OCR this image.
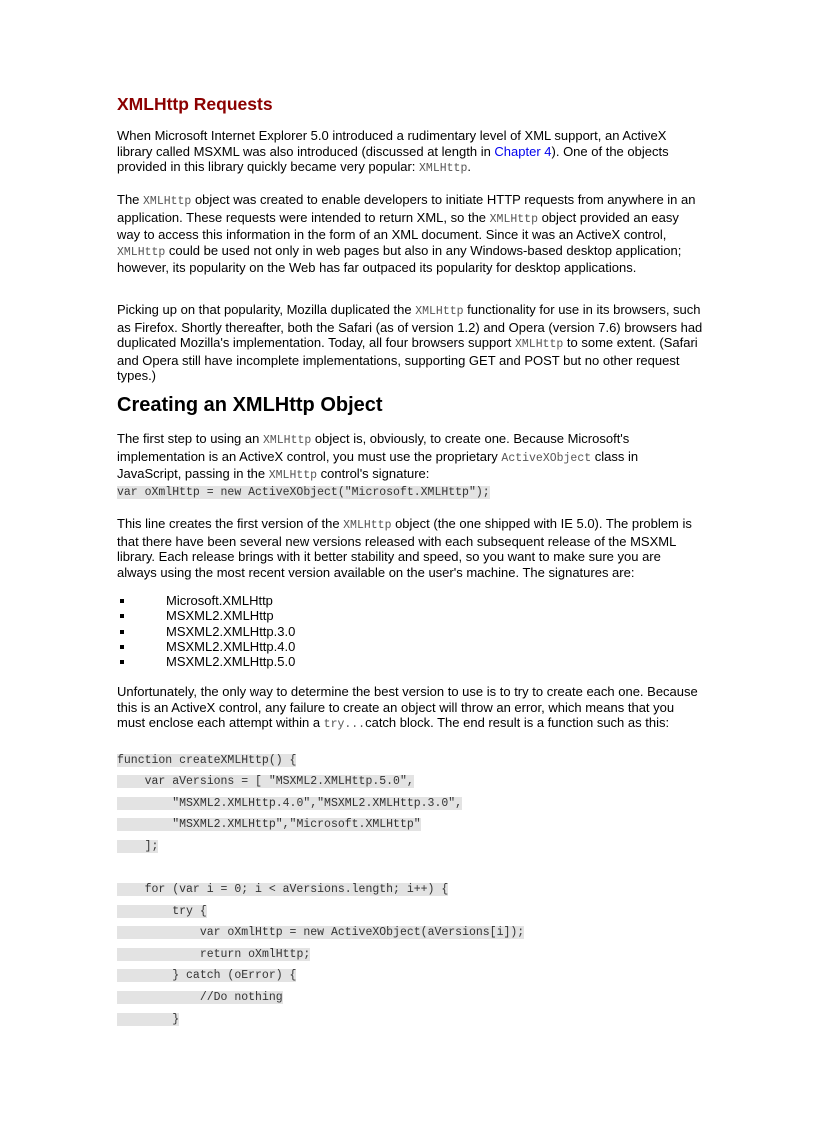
XMLHttp Requests

When Microsoft Internet Explorer 5.0 introduced a rudimentary level of XML support, an ActiveX library called MSXML was also introduced (discussed at length in Chapter 4). One of the objects provided in this library quickly became very popular: XMLHttp.

The XMLHttp object was created to enable developers to initiate HTTP requests from anywhere in an application. These requests were intended to return XML, so the XMLHttp object provided an easy way to access this information in the form of an XML document. Since it was an ActiveX control, XMLHttp could be used not only in web pages but also in any Windows-based desktop application; however, its popularity on the Web has far outpaced its popularity for desktop applications.

Picking up on that popularity, Mozilla duplicated the XMLHttp functionality for use in its browsers, such as Firefox. Shortly thereafter, both the Safari (as of version 1.2) and Opera (version 7.6) browsers had duplicated Mozilla's implementation. Today, all four browsers support XMLHttp to some extent. (Safari and Opera still have incomplete implementations, supporting GET and POST but no other request types.)

Creating an XMLHttp Object

The first step to using an XMLHttp object is, obviously, to create one. Because Microsoft's implementation is an ActiveX control, you must use the proprietary ActiveXObject class in JavaScript, passing in the XMLHttp control's signature:

var oXmlHttp = new ActiveXObject("Microsoft.XMLHttp");

This line creates the first version of the XMLHttp object (the one shipped with IE 5.0). The problem is that there have been several new versions released with each subsequent release of the MSXML library. Each release brings with it better stability and speed, so you want to make sure you are always using the most recent version available on the user's machine. The signatures are:

Microsoft.XMLHttp
MSXML2.XMLHttp
MSXML2.XMLHttp.3.0
MSXML2.XMLHttp.4.0
MSXML2.XMLHttp.5.0

Unfortunately, the only way to determine the best version to use is to try to create each one. Because this is an ActiveX control, any failure to create an object will throw an error, which means that you must enclose each attempt within a try...catch block. The end result is a function such as this:

function createXMLHttp() {
var aVersions = [ "MSXML2.XMLHttp.5.0",
"MSXML2.XMLHttp.4.0","MSXML2.XMLHttp.3.0",
"MSXML2.XMLHttp","Microsoft.XMLHttp"
];
for (var i = 0; i < aVersions.length; i++) {
try {
var oXmlHttp = new ActiveXObject(aVersions[i]);
return oXmlHttp;
} catch (oError) {
//Do nothing
}
